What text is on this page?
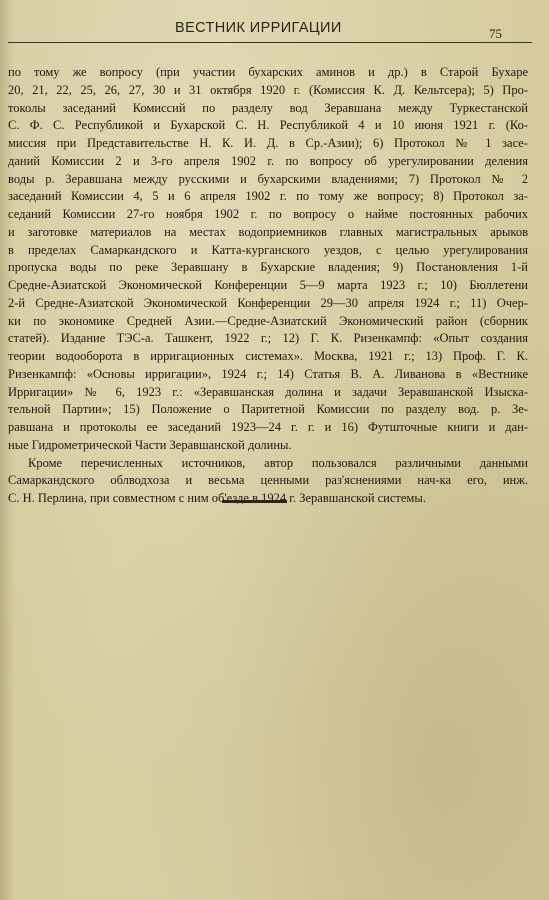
ВЕСТНИК ИРРИГАЦИИ	75
по тому же вопросу (при участии бухарских аминов и др.) в Старой Бухаре
20, 21, 22, 25, 26, 27, 30 и 31 октября 1920 г. (Комиссия К. Д. Кельтсера); 5) Про-
токолы заседаний Комиссий по разделу вод Зеравшана между Туркестанской
С. Ф. С. Республикой и Бухарской С. Н. Республикой 4 и 10 июня 1921 г. (Ко-
миссия при Представительстве Н. К. И. Д. в Ср.-Азии); 6) Протокол № 1 засе-
даний Комиссии 2 и 3-го апреля 1902 г. по вопросу об урегулировании деления
воды р. Зеравшана между русскими и бухарскими владениями; 7) Протокол № 2
заседаний Комиссии 4, 5 и 6 апреля 1902 г. по тому же вопросу; 8) Протокол за-
седаний Комиссии 27-го ноября 1902 г. по вопросу о найме постоянных рабочих
и заготовке материалов на местах водоприемников главных магистральных арыков
в пределах Самаркандского и Катта-курганского уездов, с целью урегулирования
пропуска воды по реке Зеравшану в Бухарские владения; 9) Постановления 1-й
Средне-Азиатской Экономической Конференции 5—9 марта 1923 г.; 10) Бюллетени
2-й Средне-Азиатской Экономической Конференции 29—30 апреля 1924 г.; 11) Очер-
ки по экономике Средней Азии.—Средне-Азиатский Экономический район (сборник
статей). Издание ТЭС-а. Ташкент, 1922 г.; 12) Г. К. Ризенкампф: «Опыт создания
теории водооборота в ирригационных системах». Москва, 1921 г.; 13) Проф. Г. К.
Ризенкампф: «Основы ирригации», 1924 г.; 14) Статья В. А. Ливанова в «Вестнике
Ирригации» № 6, 1923 г.: «Зеравшанская долина и задачи Зеравшанской Изыска-
тельной Партии»; 15) Положение о Паритетной Комиссии по разделу вод. р. Зе-
равшана и протоколы ее заседаний 1923—24 г. г. и 16) Футшточные книги и дан-
ные Гидрометрической Части Зеравшанской долины.
Кроме перечисленных источников, автор пользовался различными данными
Самаркандского облводхоза и весьма ценными раз'яснениями нач-ка его, инж.
С. Н. Перлина, при совместном с ним об'езде в 1924 г. Зеравшанской системы.
